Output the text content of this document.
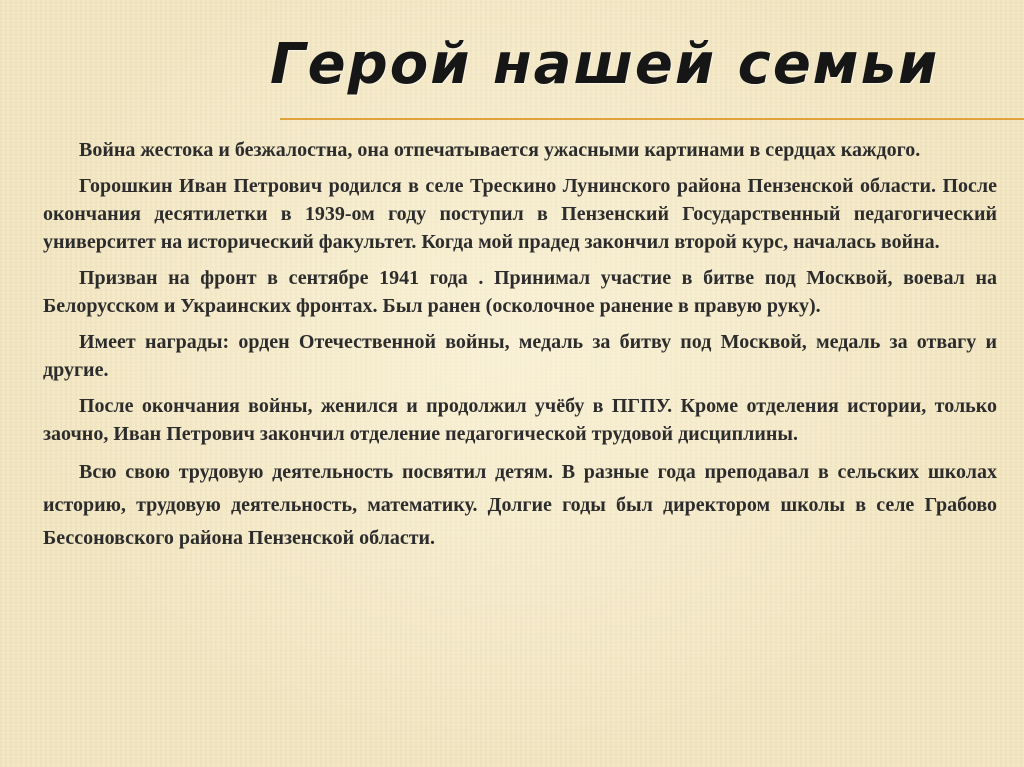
Герой нашей семьи

Война жестока и безжалостна, она отпечатывается ужасными картинами в сердцах каждого.

Горошкин Иван Петрович родился в селе Трескино Лунинского района Пензенской области. После окончания десятилетки в 1939-ом году поступил в Пензенский Государственный педагогический университет на исторический факультет. Когда мой прадед закончил второй курс, началась война.

Призван на фронт в сентябре 1941 года . Принимал участие в битве под Москвой, воевал на Белорусском и Украинских фронтах. Был ранен (осколочное ранение в правую руку).

Имеет награды: орден Отечественной войны, медаль за битву под Москвой, медаль за отвагу и другие.

После окончания войны, женился и продолжил учёбу в ПГПУ. Кроме отделения истории, только заочно, Иван Петрович закончил отделение педагогической трудовой дисциплины.

Всю свою трудовую деятельность посвятил детям. В разные года преподавал в сельских школах историю, трудовую деятельность, математику. Долгие годы был директором школы в селе Грабово Бессоновского района Пензенской области.
